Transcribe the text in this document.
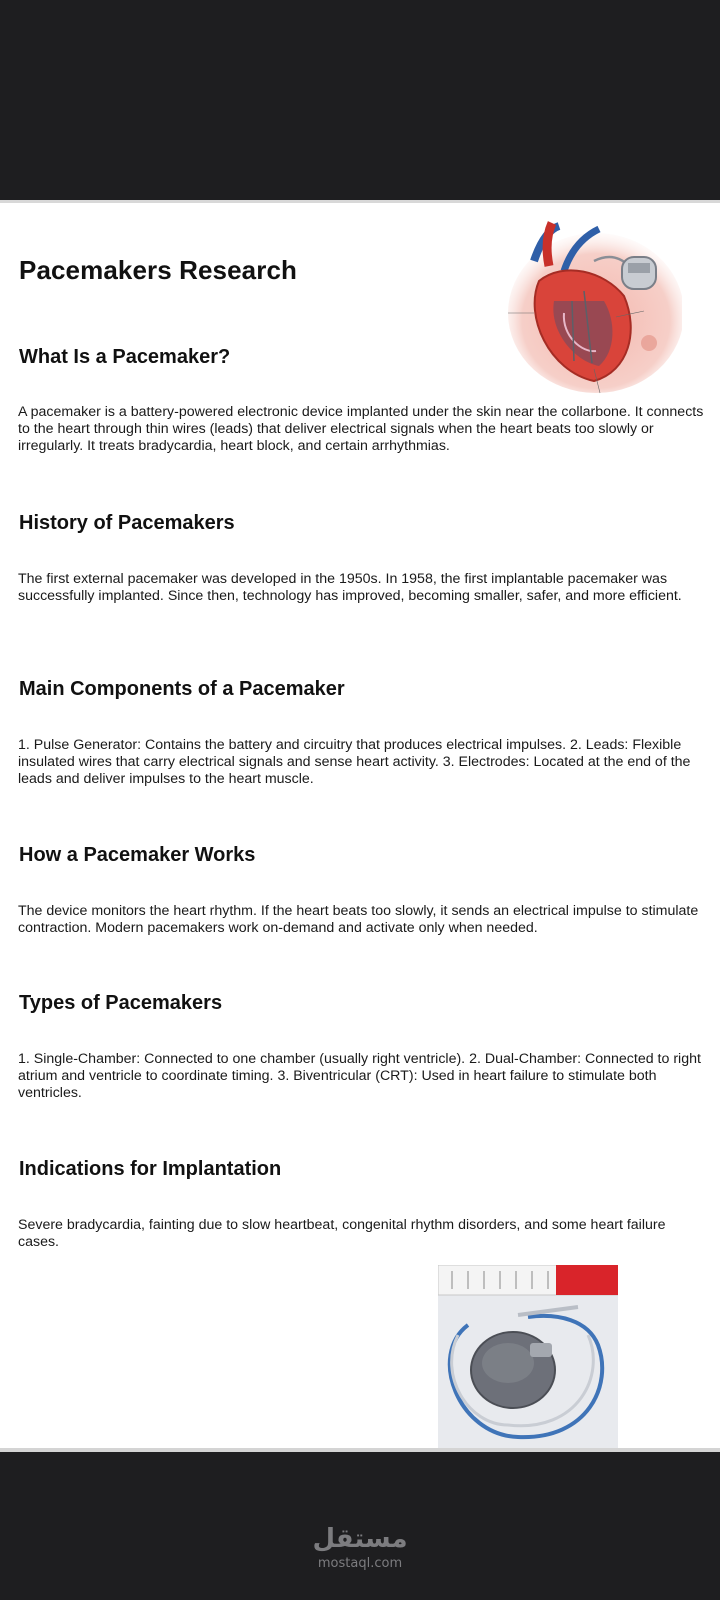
Pacemakers Research
What Is a Pacemaker?

A pacemaker is a battery-powered electronic device implanted under the skin near the collarbone. It connects to the heart through thin wires (leads) that deliver electrical signals when the heart beats too slowly or irregularly. It treats bradycardia, heart block, and certain arrhythmias.

History of Pacemakers

The first external pacemaker was developed in the 1950s. In 1958, the first implantable pacemaker was successfully implanted. Since then, technology has improved, becoming smaller, safer, and more efficient.

Main Components of a Pacemaker

1. Pulse Generator: Contains the battery and circuitry that produces electrical impulses. 2. Leads: Flexible insulated wires that carry electrical signals and sense heart activity. 3. Electrodes: Located at the end of the leads and deliver impulses to the heart muscle.

How a Pacemaker Works

The device monitors the heart rhythm. If the heart beats too slowly, it sends an electrical impulse to stimulate contraction. Modern pacemakers work on-demand and activate only when needed.

Types of Pacemakers

1. Single-Chamber: Connected to one chamber (usually right ventricle). 2. Dual-Chamber: Connected to right atrium and ventricle to coordinate timing. 3. Biventricular (CRT): Used in heart failure to stimulate both ventricles.

Indications for Implantation

Severe bradycardia, fainting due to slow heartbeat, congenital rhythm disorders, and some heart failure cases.

مستقل
mostaql.com
